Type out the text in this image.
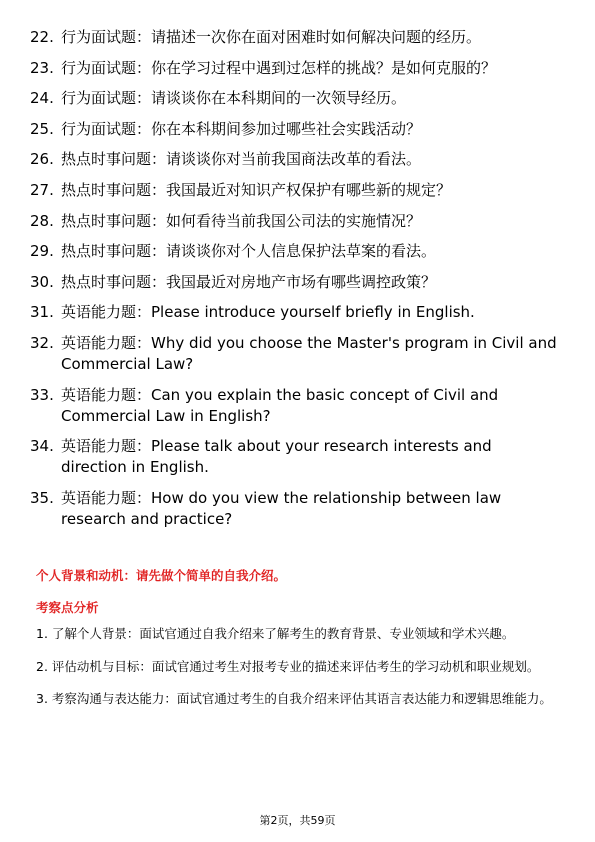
22. 行为面试题：请描述一次你在面对困难时如何解决问题的经历。
23. 行为面试题：你在学习过程中遇到过怎样的挑战？是如何克服的？
24. 行为面试题：请谈谈你在本科期间的一次领导经历。
25. 行为面试题：你在本科期间参加过哪些社会实践活动？
26. 热点时事问题：请谈谈你对当前我国商法改革的看法。
27. 热点时事问题：我国最近对知识产权保护有哪些新的规定？
28. 热点时事问题：如何看待当前我国公司法的实施情况？
29. 热点时事问题：请谈谈你对个人信息保护法草案的看法。
30. 热点时事问题：我国最近对房地产市场有哪些调控政策？
31. 英语能力题：Please introduce yourself briefly in English.
32. 英语能力题：Why did you choose the Master's program in Civil and Commercial Law?
33. 英语能力题：Can you explain the basic concept of Civil and Commercial Law in English?
34. 英语能力题：Please talk about your research interests and direction in English.
35. 英语能力题：How do you view the relationship between law research and practice?
个人背景和动机：请先做个简单的自我介绍。
考察点分析

1. 了解个人背景：面试官通过自我介绍来了解考生的教育背景、专业领域和学术兴趣。

2. 评估动机与目标：面试官通过考生对报考专业的描述来评估考生的学习动机和职业规划。

3. 考察沟通与表达能力：面试官通过考生的自我介绍来评估其语言表达能力和逻辑思维能力。

第2页，共59页
